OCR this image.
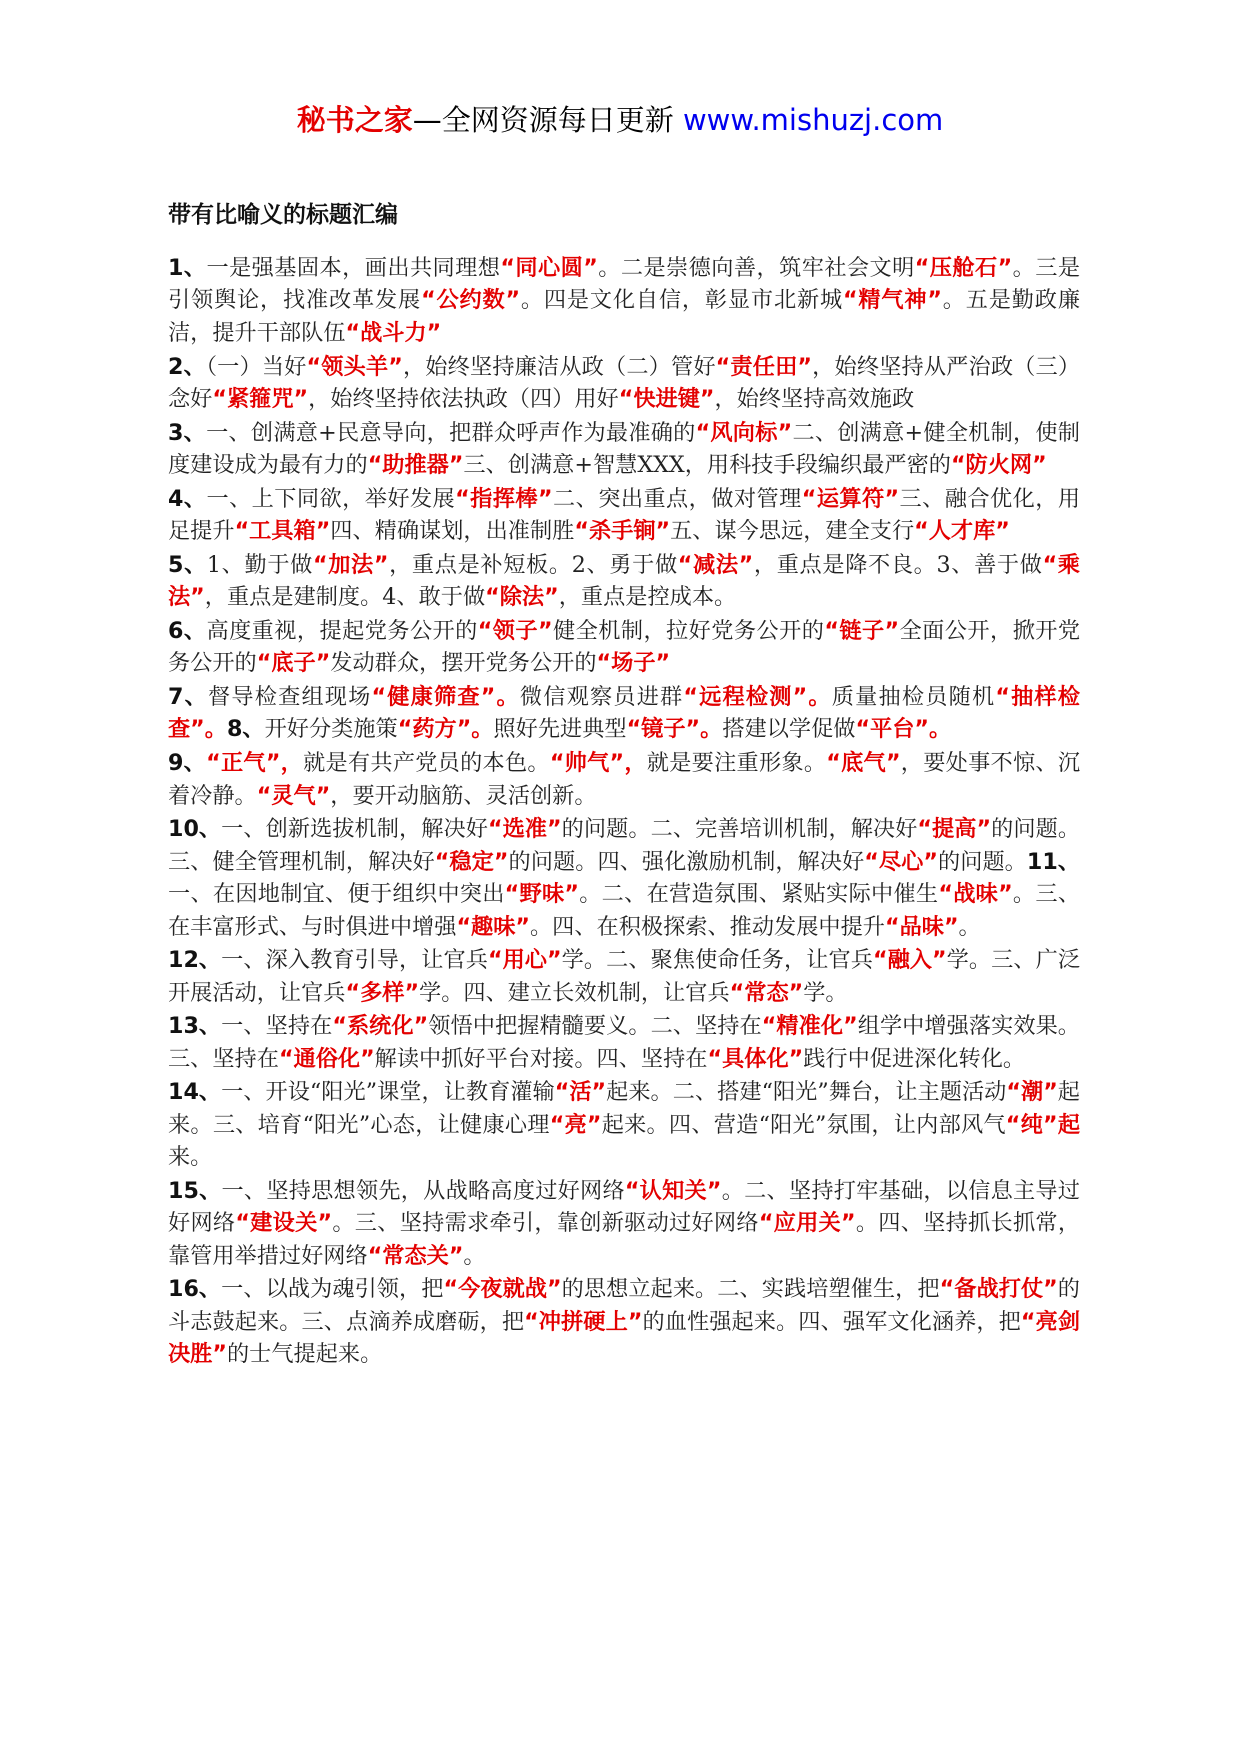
秘书之家—全网资源每日更新 www.mishuzj.com
带有比喻义的标题汇编
1、一是强基固本，画出共同理想“同心圆”。二是崇德向善，筑牢社会文明“压舱石”。三是引领舆论，找准改革发展“公约数”。四是文化自信，彰显市北新城“精气神”。五是勤政廉洁，提升干部队伍“战斗力”
2、（一）当好“领头羊”，始终坚持廉洁从政（二）管好“责任田”，始终坚持从严治政（三）念好“紧箍咒”，始终坚持依法执政（四）用好“快进键”，始终坚持高效施政
3、一、创满意+民意导向，把群众呼声作为最准确的“风向标”二、创满意+健全机制，使制度建设成为最有力的“助推器”三、创满意+智慧XXX，用科技手段编织最严密的“防火网”
4、一、上下同欲，举好发展“指挥棒”二、突出重点，做对管理“运算符”三、融合优化，用足提升“工具箱”四、精确谋划，出准制胜“杀手锏”五、谋今思远，建全支行“人才库”
5、1、勤于做“加法”，重点是补短板。2、勇于做“减法”，重点是降不良。3、善于做“乘法”，重点是建制度。4、敢于做“除法”，重点是控成本。
6、高度重视，提起党务公开的“领子”健全机制，拉好党务公开的“链子”全面公开，掀开党务公开的“底子”发动群众，摆开党务公开的“场子”
7、督导检查组现场“健康筛查”。微信观察员进群“远程检测”。质量抽检员随机“抽样检查”。8、开好分类施策“药方”。照好先进典型“镜子”。搭建以学促做“平台”。
9、“正气”，就是有共产党员的本色。“帅气”，就是要注重形象。“底气”，要处事不惊、沉着冷静。“灵气”，要开动脑筋、灵活创新。
10、一、创新选拔机制，解决好“选准”的问题。二、完善培训机制，解决好“提高”的问题。三、健全管理机制，解决好“稳定”的问题。四、强化激励机制，解决好“尽心”的问题。11、一、在因地制宜、便于组织中突出“野味”。二、在营造氛围、紧贴实际中催生“战味”。三、在丰富形式、与时俱进中增强“趣味”。四、在积极探索、推动发展中提升“品味”。
12、一、深入教育引导，让官兵“用心”学。二、聚焦使命任务，让官兵“融入”学。三、广泛开展活动，让官兵“多样”学。四、建立长效机制，让官兵“常态”学。
13、一、坚持在“系统化”领悟中把握精髓要义。二、坚持在“精准化”组学中增强落实效果。三、坚持在“通俗化”解读中抓好平台对接。四、坚持在“具体化”践行中促进深化转化。
14、一、开设“阳光”课堂，让教育灌输“活”起来。二、搭建“阳光”舞台，让主题活动“潮”起来。三、培育“阳光”心态，让健康心理“亮”起来。四、营造“阳光”氛围，让内部风气“纯”起来。
15、一、坚持思想领先，从战略高度过好网络“认知关”。二、坚持打牢基础，以信息主导过好网络“建设关”。三、坚持需求牵引，靠创新驱动过好网络“应用关”。四、坚持抓长抓常，靠管用举措过好网络“常态关”。
16、一、以战为魂引领，把“今夜就战”的思想立起来。二、实践培塑催生，把“备战打仗”的斗志鼓起来。三、点滴养成磨砺，把“冲拼硬上”的血性强起来。四、强军文化涵养，把“亮剑决胜”的士气提起来。
